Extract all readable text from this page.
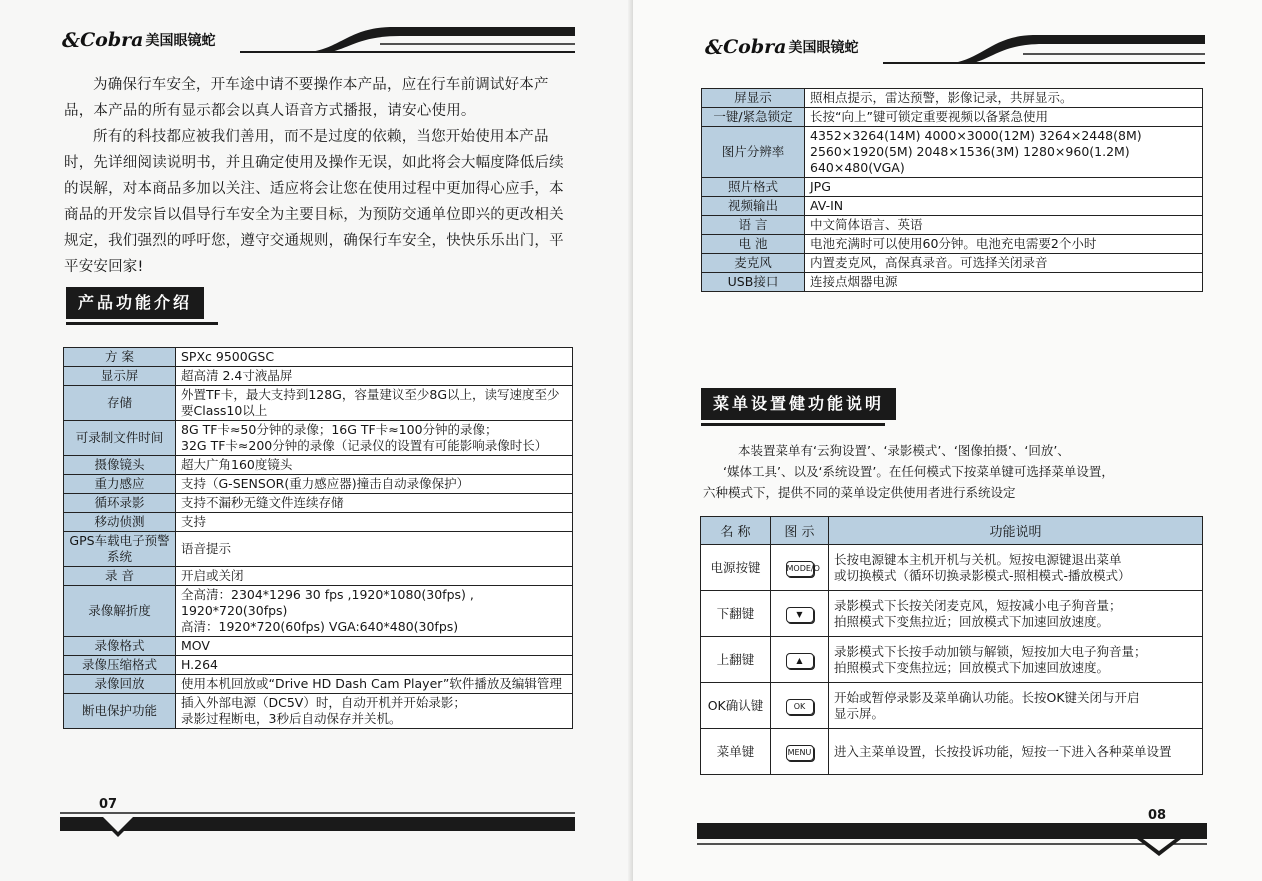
& Cobra 美国眼镜蛇

为确保行车安全，开车途中请不要操作本产品，应在行车前调试好本产品，本产品的所有显示都会以真人语音方式播报，请安心使用。

所有的科技都应被我们善用，而不是过度的依赖，当您开始使用本产品时，先详细阅读说明书，并且确定使用及操作无误，如此将会大幅度降低后续的误解，对本商品多加以关注、适应将会让您在使用过程中更加得心应手，本商品的开发宗旨以倡导行车安全为主要目标，为预防交通单位即兴的更改相关规定，我们强烈的呼吁您，遵守交通规则，确保行车安全，快快乐乐出门，平平安安回家!

产品功能介绍
方 案	SPXc 9500GSC

显示屏	超高清 2.4寸液晶屏

存储	外置TF卡，最大支持到128G，容量建议至少8G以上，读写速度至少要Class10以上

可录制文件时间	8G TF卡≈50分钟的录像；16G TF卡≈100分钟的录像；
32G TF卡≈200分钟的录像（记录仪的设置有可能影响录像时长）

摄像镜头	超大广角160度镜头

重力感应	支持（G-SENSOR(重力感应器)撞击自动录像保护）

循环录影	支持不漏秒无缝文件连续存储

移动侦测	支持

GPS车载电子预警系统	语音提示

录 音	开启或关闭

录像解折度	全高清：2304*1296 30 fps ,1920*1080(30fps) , 1920*720(30fps)
高清：1920*720(60fps) VGA:640*480(30fps)

录像格式	MOV

录像压缩格式	H.264

录像回放	使用本机回放或“Drive HD Dash Cam Player”软件播放及编辑管理

断电保护功能	插入外部电源（DC5V）时，自动开机并开始录影；
录影过程断电，3秒后自动保存并关机。
07
& Cobra 美国眼镜蛇
屏显示	照相点提示，雷达预警，影像记录，共屏显示。

一键/紧急锁定	长按“向上”键可锁定重要视频以备紧急使用

图片分辨率	4352×3264(14M) 4000×3000(12M) 3264×2448(8M)
2560×1920(5M) 2048×1536(3M) 1280×960(1.2M)
640×480(VGA)

照片格式	JPG

视频输出	AV-IN

语 言	中文简体语言、英语

电 池	电池充满时可以使用60分钟。电池充电需要2个小时

麦克风	内置麦克风，高保真录音。可选择关闭录音

USB接口	连接点烟器电源
菜单设置健功能说明
本装置菜单有‘云狗设置’、‘录影模式’、‘图像拍摄’、‘回放’、
‘媒体工具’、以及‘系统设置’。在任何模式下按菜单键可选择菜单设置，
六种模式下，提供不同的菜单设定供使用者进行系统设定
名 称	图 示	功能说明
电源按键	MODE/O	长按电源键本主机开机与关机。短按电源键退出菜单
或切换模式（循环切换录影模式-照相模式-播放模式）

下翻键	▼	录影模式下长按关闭麦克风，短按减小电子狗音量；
拍照模式下变焦拉近；回放模式下加速回放速度。

上翻键	▲	录影模式下长按手动加锁与解锁，短按加大电子狗音量；
拍照模式下变焦拉远；回放模式下加速回放速度。

OK确认键	OK	开始或暂停录影及菜单确认功能。长按OK键关闭与开启
显示屏。

菜单键	MENU	进入主菜单设置，长按投诉功能，短按一下进入各种菜单设置
08
